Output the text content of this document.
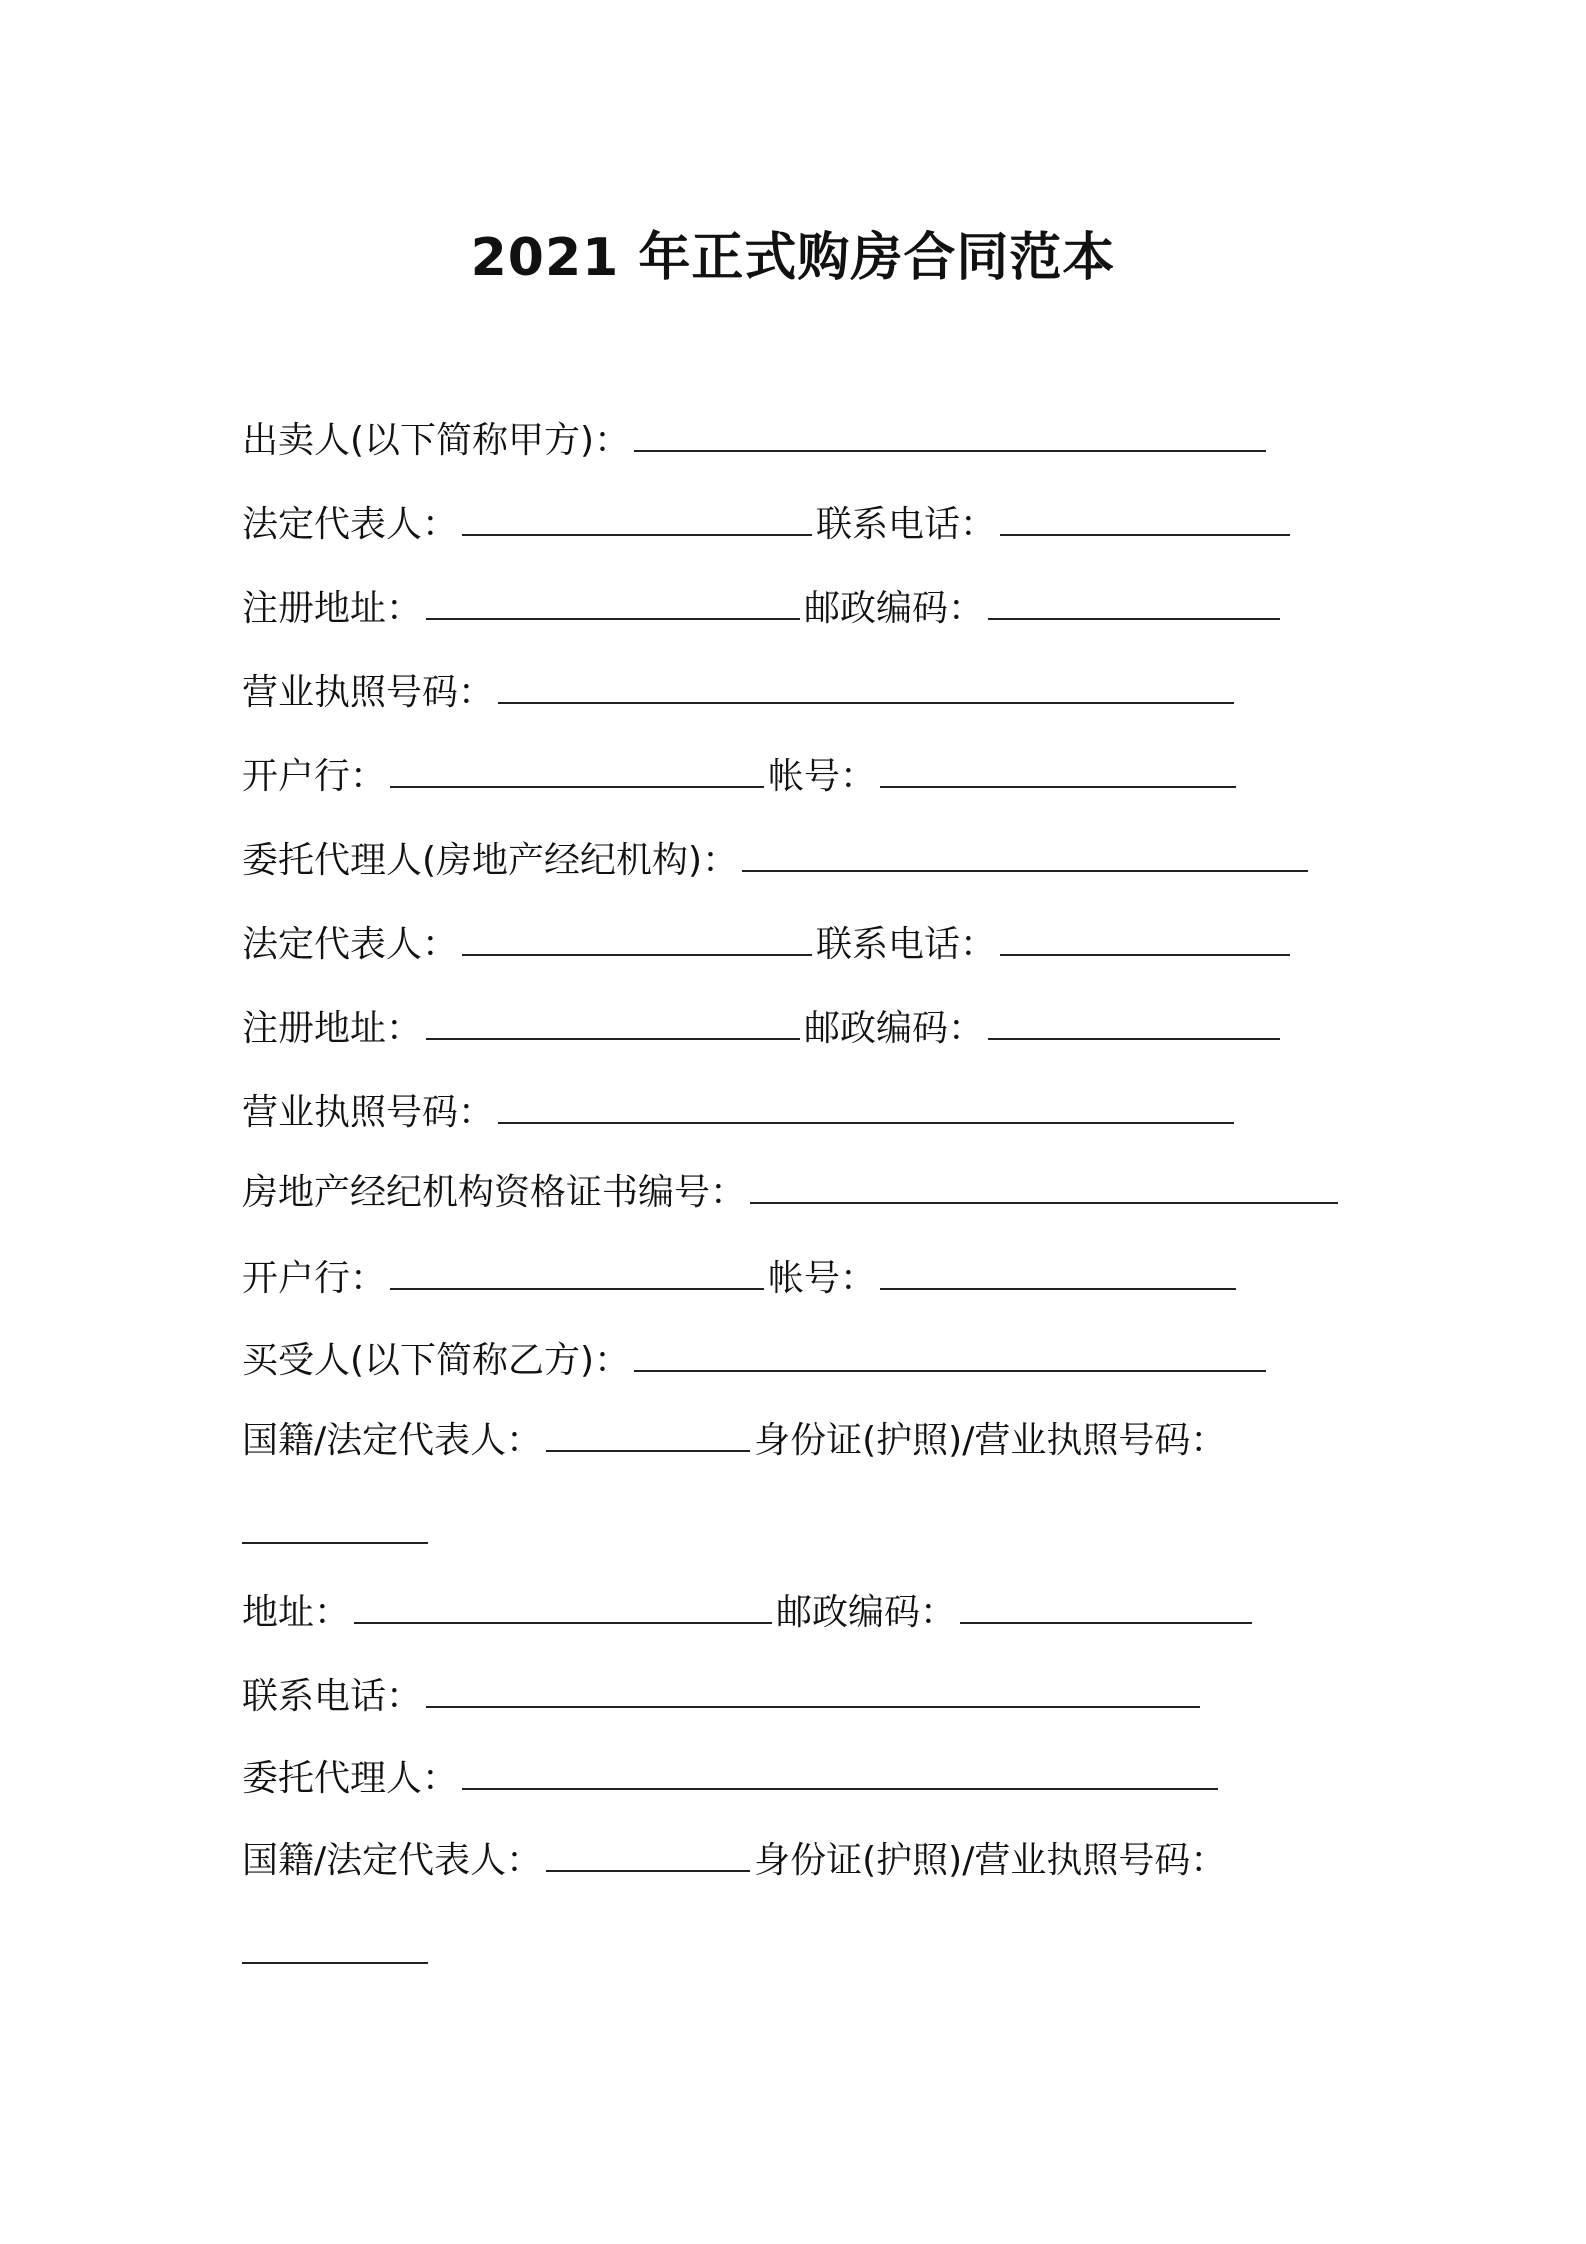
2021 年正式购房合同范本
出卖人(以下简称甲方)：
法定代表人：	联系电话：
注册地址：	邮政编码：
营业执照号码：
开户行：	帐号：
委托代理人(房地产经纪机构)：
法定代表人：	联系电话：
注册地址：	邮政编码：
营业执照号码：
房地产经纪机构资格证书编号：
开户行：	帐号：
买受人(以下简称乙方)：
国籍/法定代表人：	身份证(护照)/营业执照号码：
地址：	邮政编码：
联系电话：
委托代理人：
国籍/法定代表人：	身份证(护照)/营业执照号码：
